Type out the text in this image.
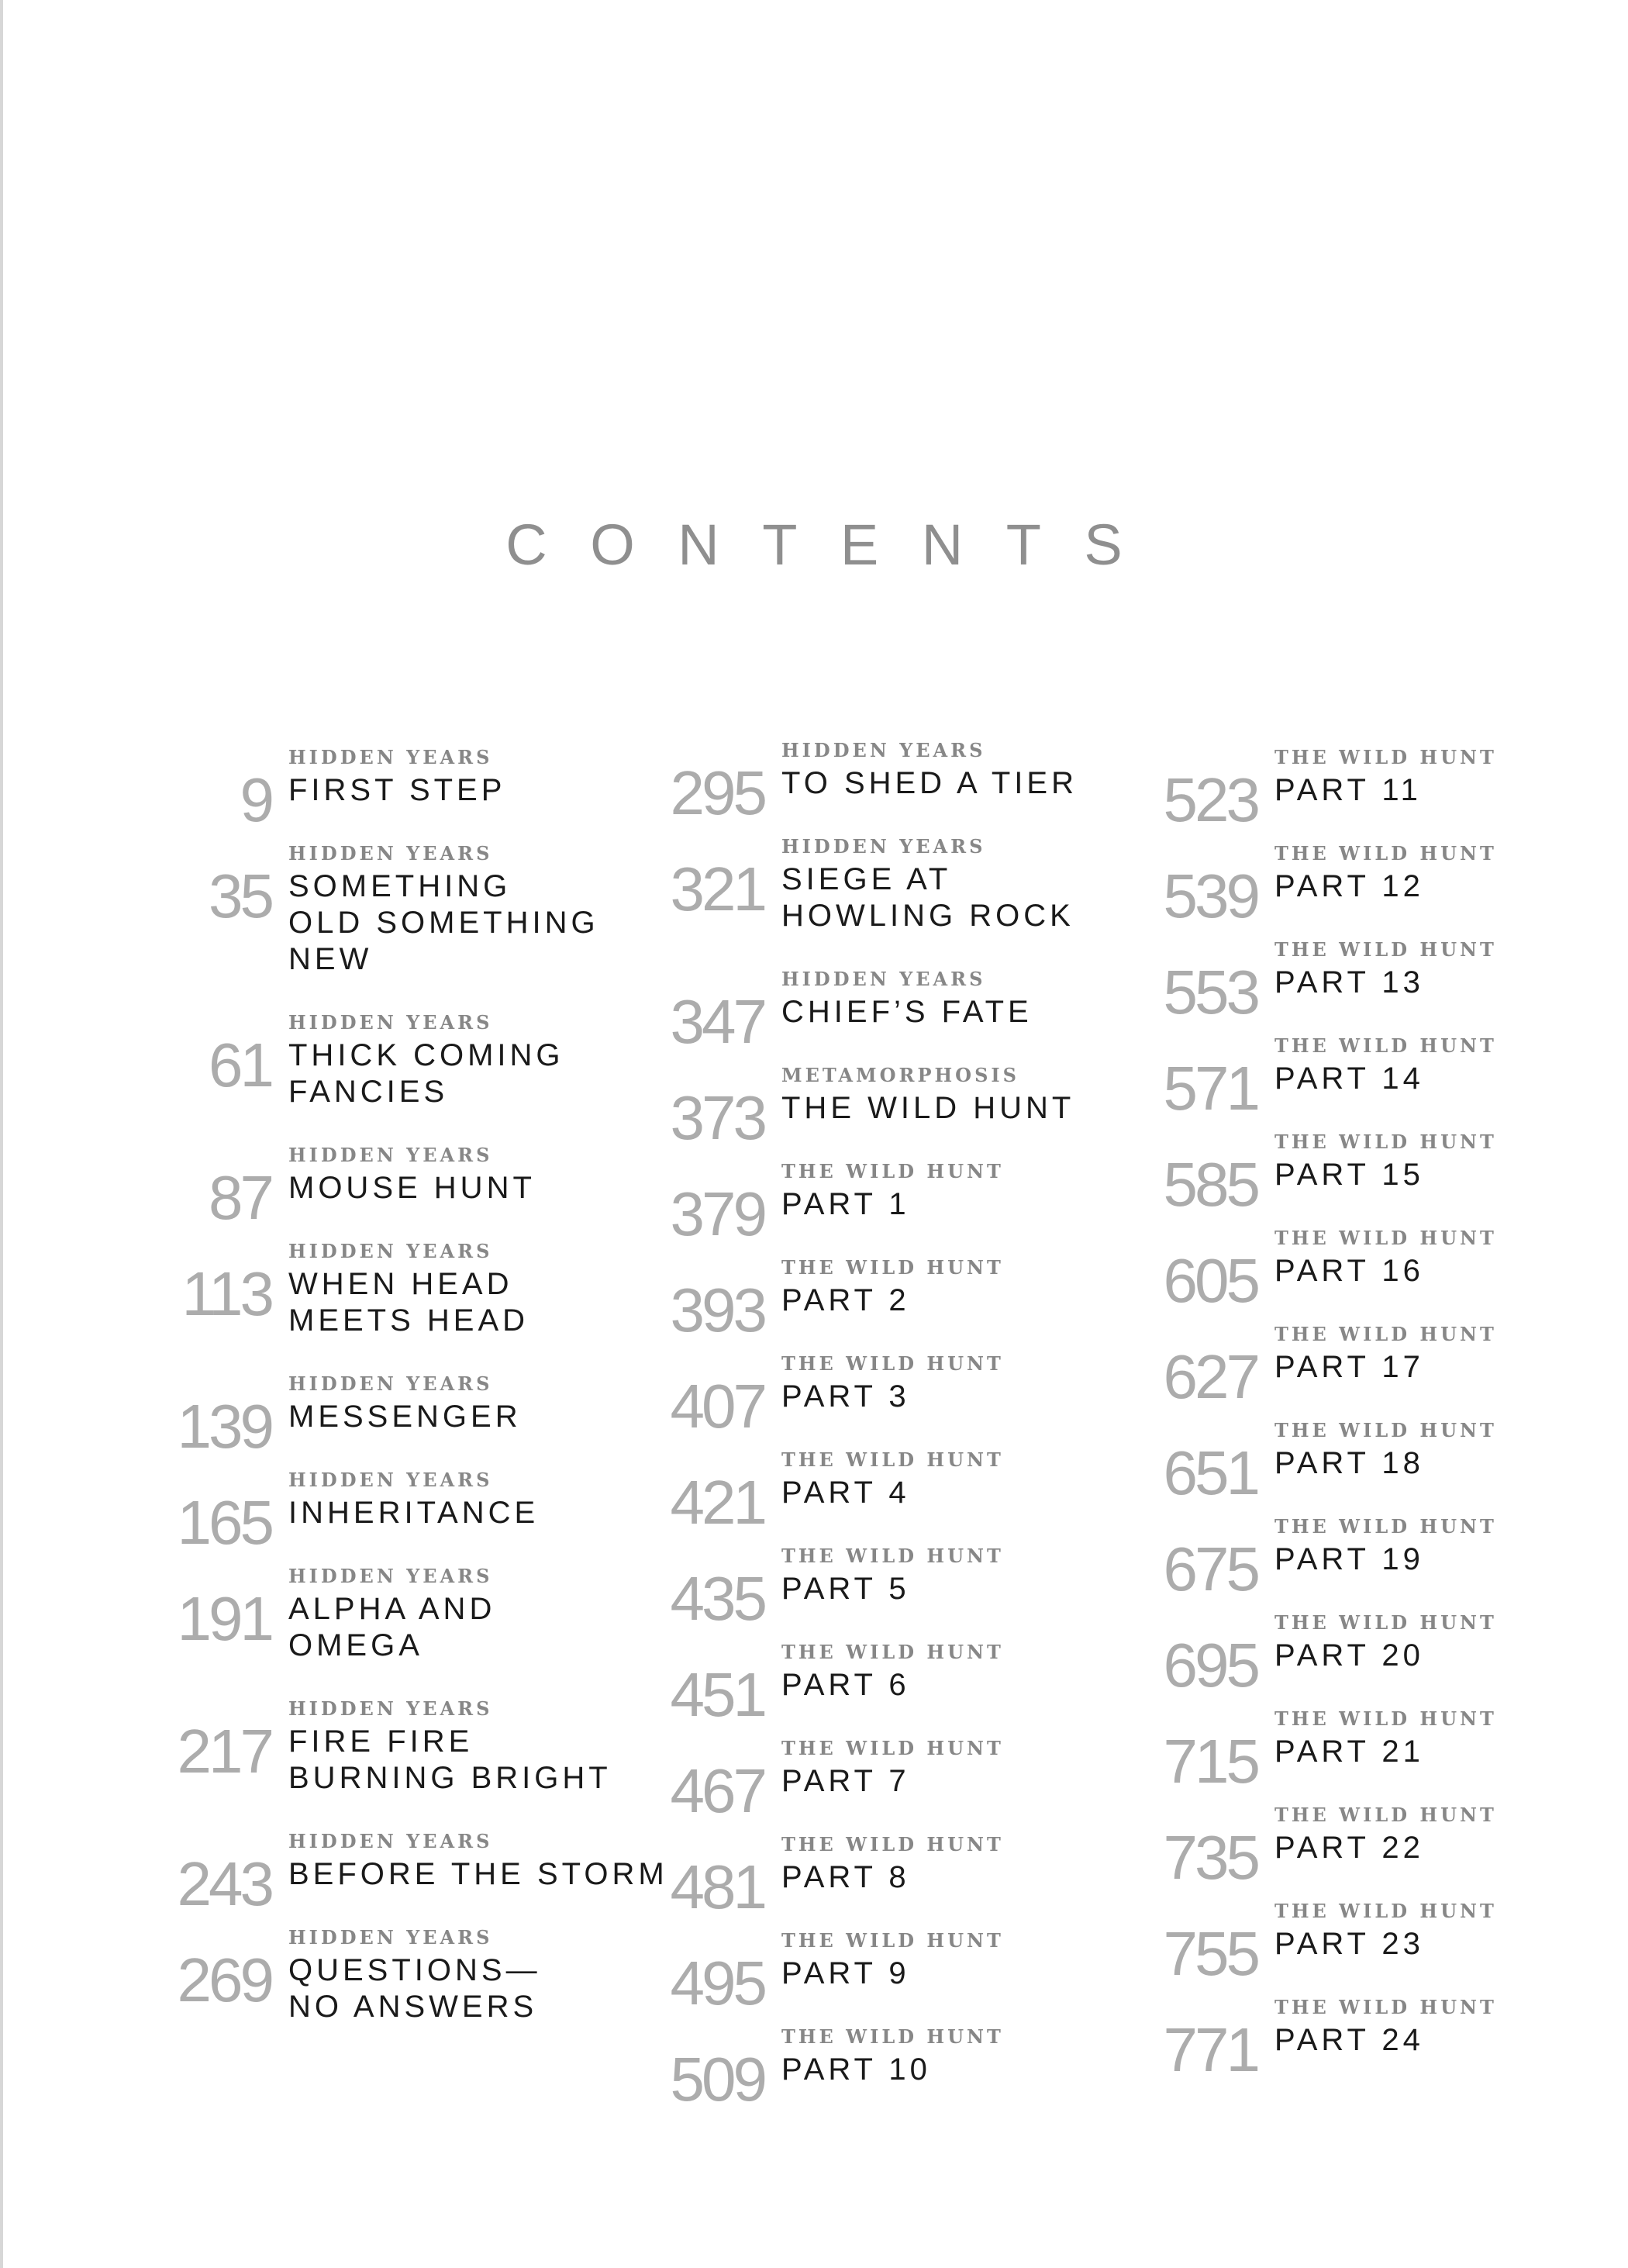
CONTENTS
9
HIDDEN YEARS
FIRST STEP
35
HIDDEN YEARS
SOMETHING
OLD SOMETHING
NEW
61
HIDDEN YEARS
THICK COMING
FANCIES
87
HIDDEN YEARS
MOUSE HUNT
113
HIDDEN YEARS
WHEN HEAD
MEETS HEAD
139
HIDDEN YEARS
MESSENGER
165
HIDDEN YEARS
INHERITANCE
191
HIDDEN YEARS
ALPHA AND
OMEGA
217
HIDDEN YEARS
FIRE FIRE
BURNING BRIGHT
243
HIDDEN YEARS
BEFORE THE STORM
269
HIDDEN YEARS
QUESTIONS—
NO ANSWERS
295
HIDDEN YEARS
TO SHED A TIER
321
HIDDEN YEARS
SIEGE AT
HOWLING ROCK
347
HIDDEN YEARS
CHIEF’S FATE
373
METAMORPHOSIS
THE WILD HUNT
379
THE WILD HUNT
PART 1
393
THE WILD HUNT
PART 2
407
THE WILD HUNT
PART 3
421
THE WILD HUNT
PART 4
435
THE WILD HUNT
PART 5
451
THE WILD HUNT
PART 6
467
THE WILD HUNT
PART 7
481
THE WILD HUNT
PART 8
495
THE WILD HUNT
PART 9
509
THE WILD HUNT
PART 10
523
THE WILD HUNT
PART 11
539
THE WILD HUNT
PART 12
553
THE WILD HUNT
PART 13
571
THE WILD HUNT
PART 14
585
THE WILD HUNT
PART 15
605
THE WILD HUNT
PART 16
627
THE WILD HUNT
PART 17
651
THE WILD HUNT
PART 18
675
THE WILD HUNT
PART 19
695
THE WILD HUNT
PART 20
715
THE WILD HUNT
PART 21
735
THE WILD HUNT
PART 22
755
THE WILD HUNT
PART 23
771
THE WILD HUNT
PART 24
